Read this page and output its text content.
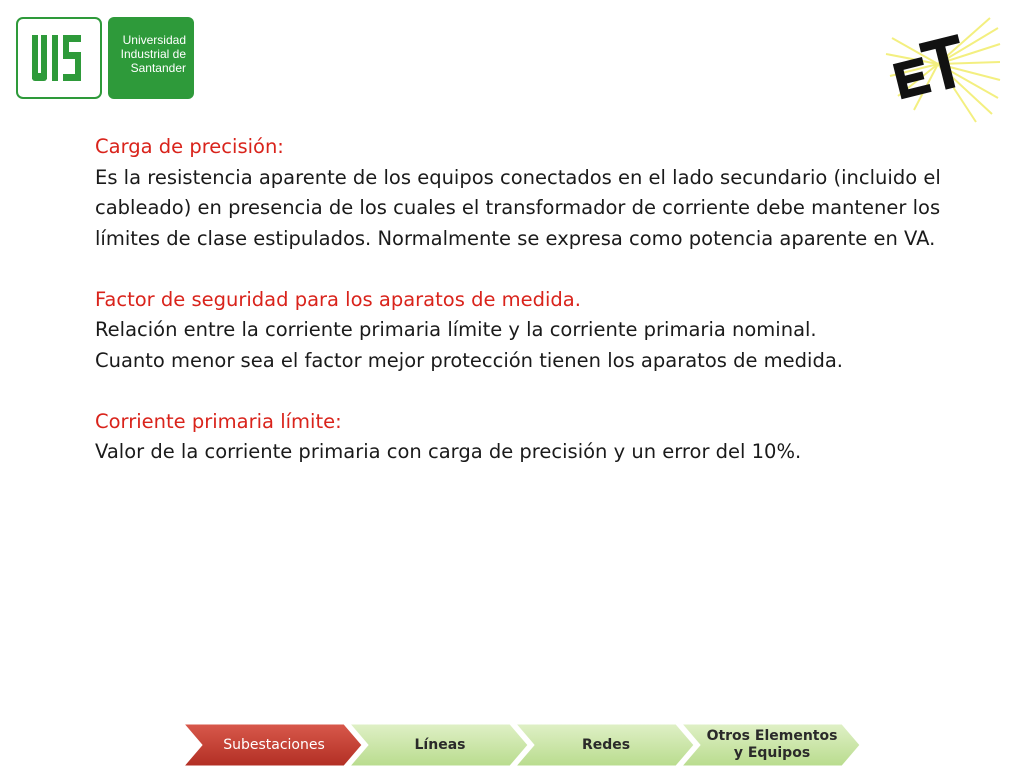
Universidad
Industrial de
Santander

Carga de precisión:

Es la resistencia aparente de los equipos conectados en el lado secundario (incluido el cableado) en presencia de los cuales el transformador de corriente debe mantener los límites de clase estipulados. Normalmente se expresa como potencia aparente en VA.

Factor de seguridad para los aparatos de medida.

Relación entre la corriente primaria límite y la corriente primaria nominal.

Cuanto menor sea el factor mejor protección tienen los aparatos de medida.

Corriente primaria límite:

Valor de la corriente primaria con carga de precisión y un error del 10%.

Subestaciones	Líneas	Redes
Otros Elementos
y Equipos
